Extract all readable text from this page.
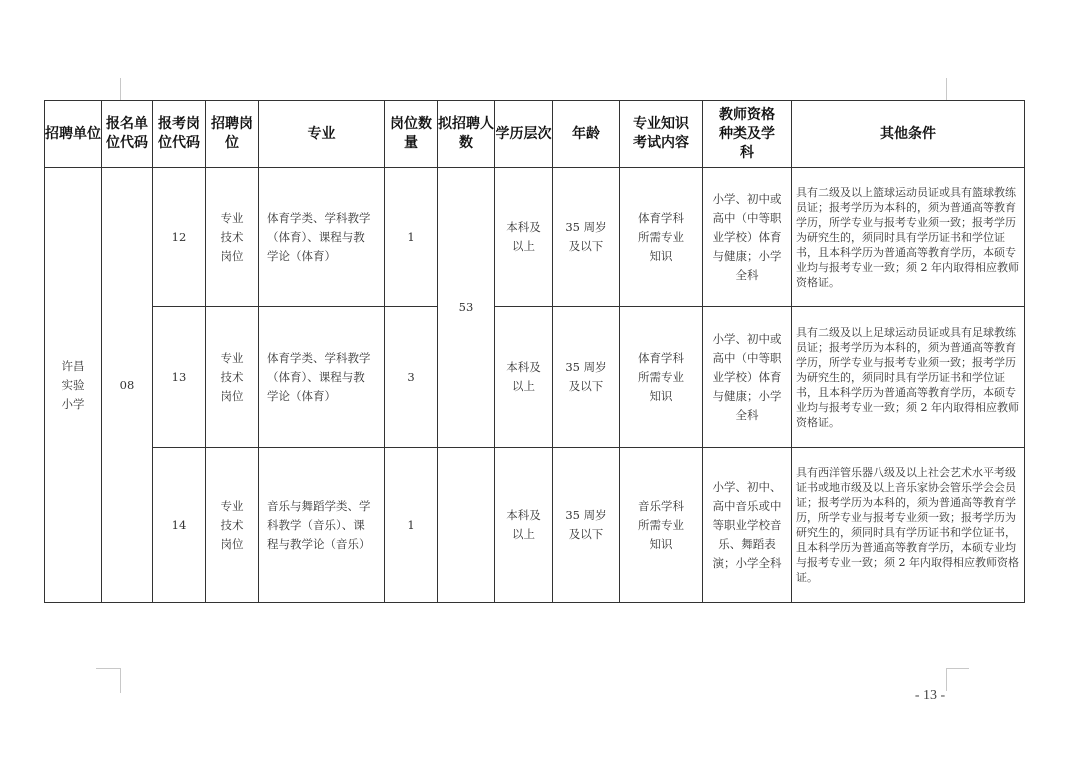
招聘单位	报名单位代码	报考岗位代码	招聘岗位	专业	岗位数量	拟招聘人数	学历层次	年龄	专业知识考试内容	教师资格种类及学科	其他条件
许昌实验小学	08	12	专业技术岗位	体育学类、学科教学（体育）、课程与教学论（体育）	1	53	本科及以上	35 周岁及以下	体育学科所需专业知识	小学、初中或高中（中等职业学校）体育与健康；小学全科	具有二级及以上篮球运动员证或具有篮球教练员证；报考学历为本科的，须为普通高等教育学历，所学专业与报考专业须一致；报考学历为研究生的，须同时具有学历证书和学位证书，且本科学历为普通高等教育学历，本硕专业均与报考专业一致；须 2 年内取得相应教师资格证。
		13	专业技术岗位	体育学类、学科教学（体育）、课程与教学论（体育）	3		本科及以上	35 周岁及以下	体育学科所需专业知识	小学、初中或高中（中等职业学校）体育与健康；小学全科	具有二级及以上足球运动员证或具有足球教练员证；报考学历为本科的，须为普通高等教育学历，所学专业与报考专业须一致；报考学历为研究生的，须同时具有学历证书和学位证书，且本科学历为普通高等教育学历，本硕专业均与报考专业一致；须 2 年内取得相应教师资格证。
		14	专业技术岗位	音乐与舞蹈学类、学科教学（音乐）、课程与教学论（音乐）	1		本科及以上	35 周岁及以下	音乐学科所需专业知识	小学、初中、高中音乐或中等职业学校音乐、舞蹈表演；小学全科	具有西洋管乐器八级及以上社会艺术水平考级证书或地市级及以上音乐家协会管乐学会会员证；报考学历为本科的，须为普通高等教育学历，所学专业与报考专业须一致；报考学历为研究生的，须同时具有学历证书和学位证书，且本科学历为普通高等教育学历，本硕专业均与报考专业一致；须 2 年内取得相应教师资格证。
- 13 -
